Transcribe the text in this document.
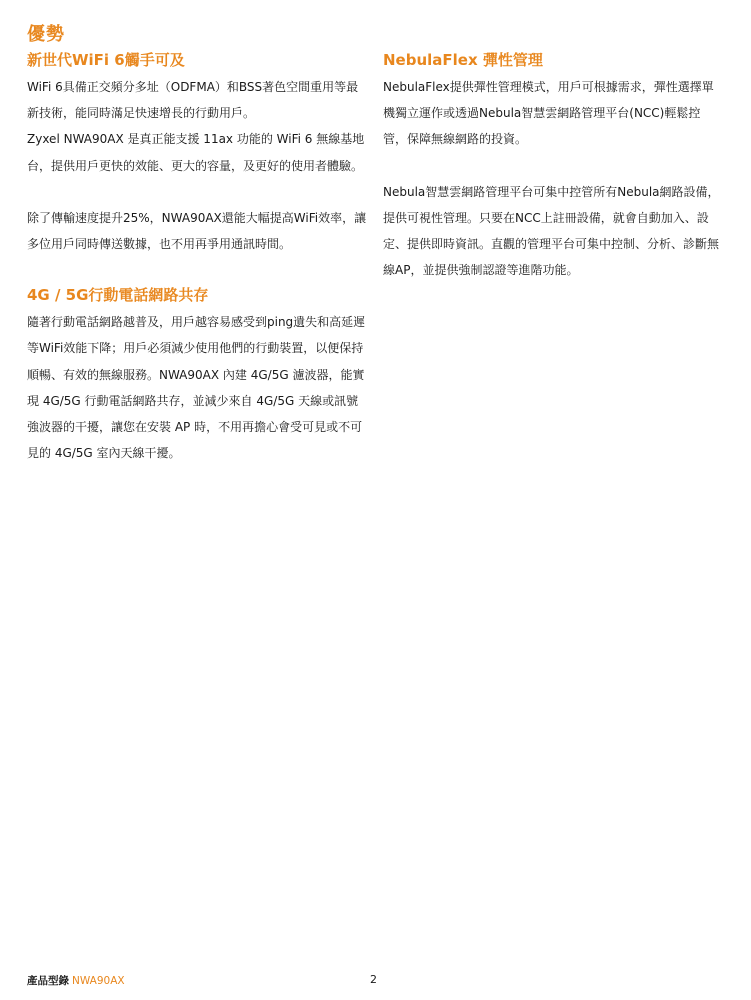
優勢
新世代WiFi 6觸手可及

WiFi 6具備正交頻分多址（ODFMA）和BSS著色空間重用等最新技術，能同時滿足快速增長的行動用戶。

Zyxel NWA90AX 是真正能支援 11ax 功能的 WiFi 6 無線基地台，提供用戶更快的效能、更大的容量，及更好的使用者體驗。

除了傳輸速度提升25%，NWA90AX還能大幅提高WiFi效率，讓多位用戶同時傳送數據，也不用再爭用通訊時間。

4G / 5G行動電話網路共存

隨著行動電話網路越普及，用戶越容易感受到ping遺失和高延遲等WiFi效能下降；用戶必須減少使用他們的行動裝置，以便保持順暢、有效的無線服務。NWA90AX 內建 4G/5G 濾波器，能實現 4G/5G 行動電話網路共存，並減少來自 4G/5G 天線或訊號強波器的干擾，讓您在安裝 AP 時，不用再擔心會受可見或不可見的 4G/5G 室內天線干擾。

NebulaFlex 彈性管理

NebulaFlex提供彈性管理模式，用戶可根據需求，彈性選擇單機獨立運作或透過Nebula智慧雲網路管理平台(NCC)輕鬆控管，保障無線網路的投資。

Nebula智慧雲網路管理平台可集中控管所有Nebula網路設備，提供可視性管理。只要在NCC上註冊設備，就會自動加入、設定、提供即時資訊。直觀的管理平台可集中控制、分析、診斷無線AP，並提供強制認證等進階功能。

產品型錄 NWA90AX	2
